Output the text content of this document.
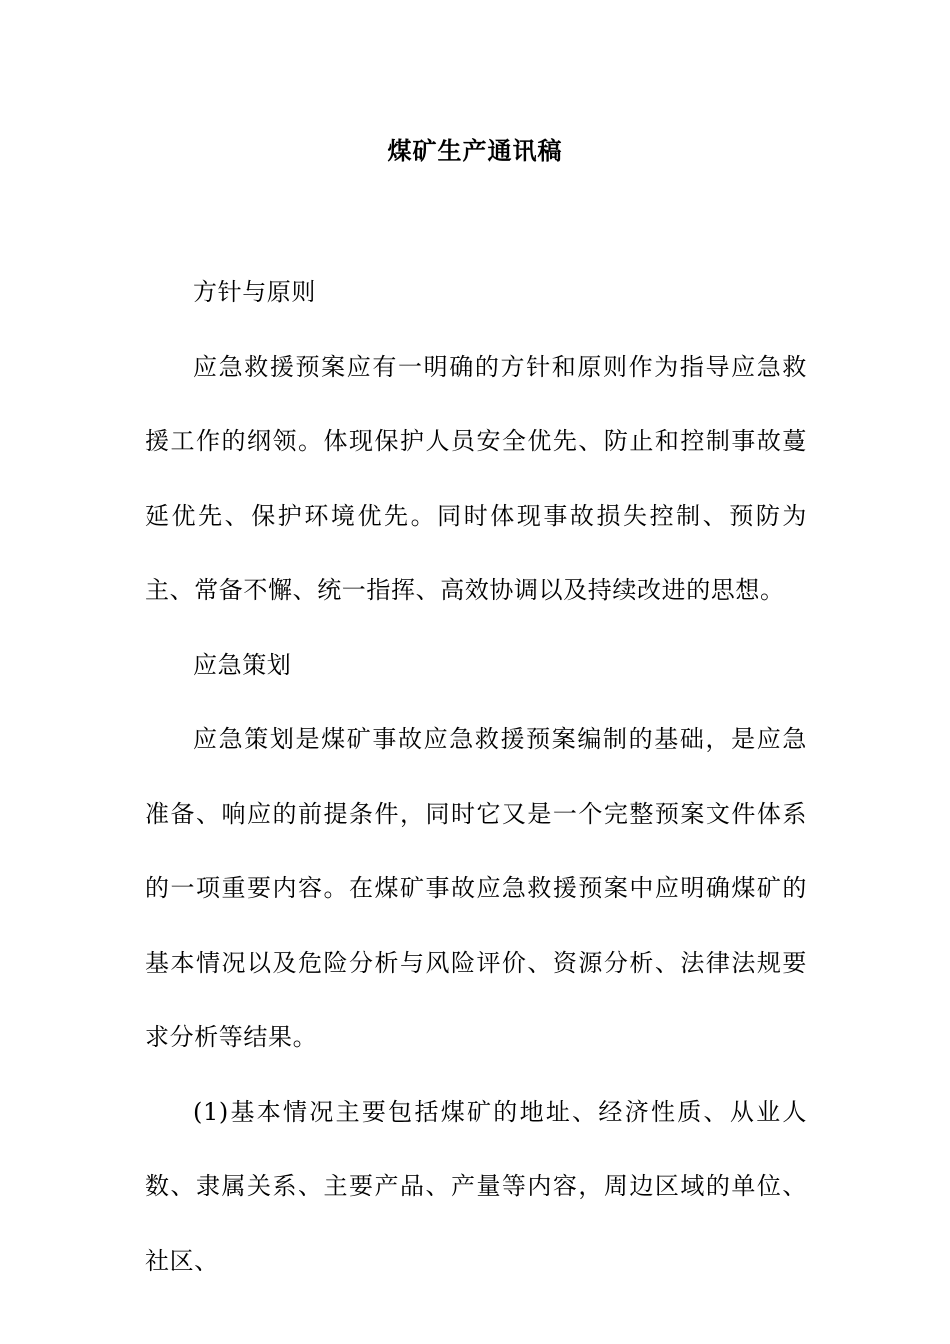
煤矿生产通讯稿

方针与原则

应急救援预案应有一明确的方针和原则作为指导应急救援工作的纲领。体现保护人员安全优先、防止和控制事故蔓延优先、保护环境优先。同时体现事故损失控制、预防为主、常备不懈、统一指挥、高效协调以及持续改进的思想。

应急策划

应急策划是煤矿事故应急救援预案编制的基础，是应急准备、响应的前提条件，同时它又是一个完整预案文件体系的一项重要内容。在煤矿事故应急救援预案中应明确煤矿的基本情况以及危险分析与风险评价、资源分析、法律法规要求分析等结果。

(1)基本情况主要包括煤矿的地址、经济性质、从业人数、隶属关系、主要产品、产量等内容，周边区域的单位、社区、
